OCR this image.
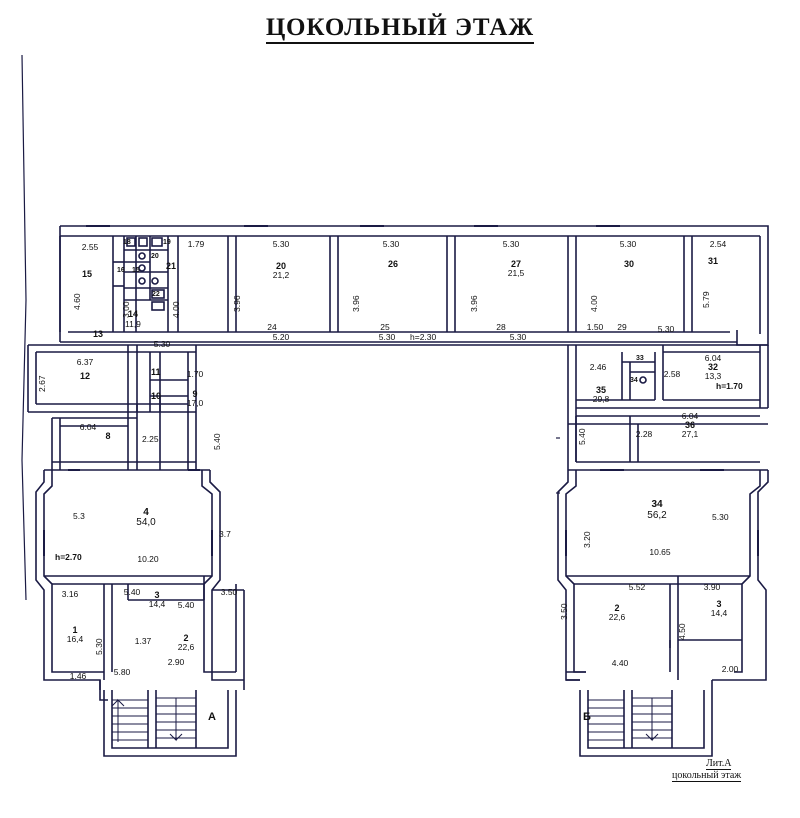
ЦОКОЛЬНЫЙ ЭТАЖ
2.55	1.79	5.30	5.30	5.30	5.30	2.54
15
4.60
13
3.00
14
11,9
18	19
20
16 15
22
21
4.00	3.96
20
21,2
24
5.20
3.96
26
25
5.30 h=2.30
3.96
27
21,5
28
5.30
4.00
30
1.50 29	5.30
5.79
31
6.37
2.67	12	11
10
5.30
1.70
9
17,0
6.04
8	2.25	5.40
5.3	4
54,0
3.7
10.20
h=2.70
3.16	5.40 3
14,4 5.40
3.50
1
16,4 5.30	1.37	2
22,6
2.90
1.46	5.80
А
2.46
35
29,8
33
34
2.58
6.04
32
13,3
h=1.70
5.40	2.28
6.04
36
27,1
34
56,2
3.20
5.30
10.65
5.52	3.90
3.50	2
22,6
3
14,4
4.50
4.40
2.00
Б
Лит.А
цокольный этаж
